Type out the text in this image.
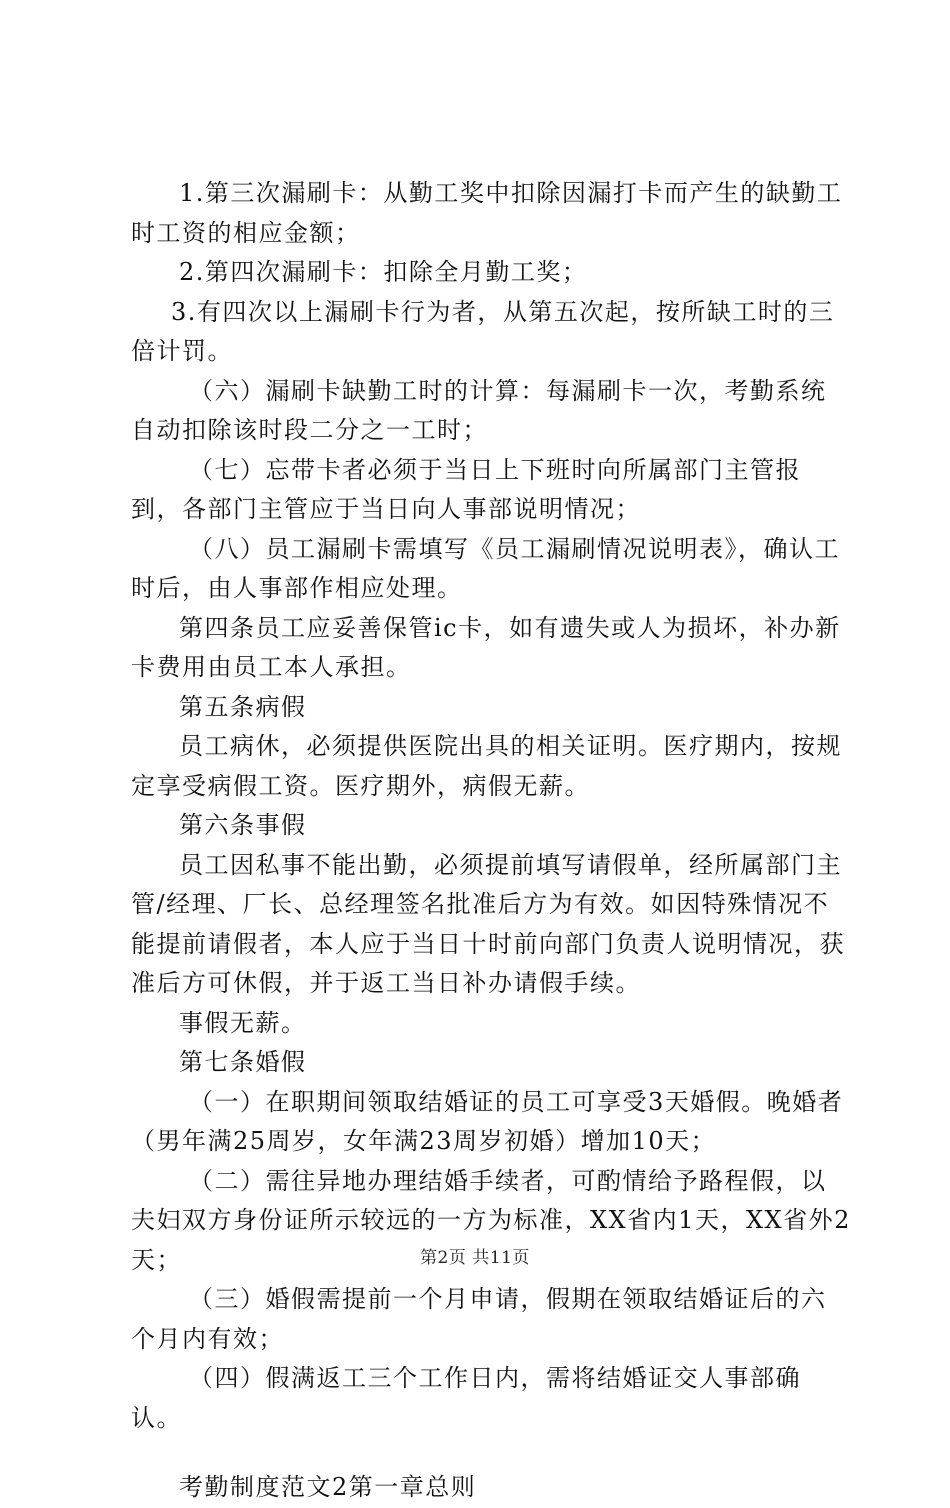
1.第三次漏刷卡：从勤工奖中扣除因漏打卡而产生的缺勤工时工资的相应金额；

2.第四次漏刷卡：扣除全月勤工奖；

3.有四次以上漏刷卡行为者，从第五次起，按所缺工时的三倍计罚。

（六）漏刷卡缺勤工时的计算：每漏刷卡一次，考勤系统自动扣除该时段二分之一工时；

（七）忘带卡者必须于当日上下班时向所属部门主管报到，各部门主管应于当日向人事部说明情况；

（八）员工漏刷卡需填写《员工漏刷情况说明表》，确认工时后，由人事部作相应处理。

第四条员工应妥善保管ic卡，如有遗失或人为损坏，补办新卡费用由员工本人承担。

第五条病假

员工病休，必须提供医院出具的相关证明。医疗期内，按规定享受病假工资。医疗期外，病假无薪。

第六条事假

员工因私事不能出勤，必须提前填写请假单，经所属部门主管/经理、厂长、总经理签名批准后方为有效。如因特殊情况不能提前请假者，本人应于当日十时前向部门负责人说明情况，获准后方可休假，并于返工当日补办请假手续。

事假无薪。

第七条婚假

（一）在职期间领取结婚证的员工可享受3天婚假。晚婚者（男年满25周岁，女年满23周岁初婚）增加10天；

（二）需往异地办理结婚手续者，可酌情给予路程假，以夫妇双方身份证所示较远的一方为标准，XX省内1天，XX省外2天；

（三）婚假需提前一个月申请，假期在领取结婚证后的六个月内有效；

（四）假满返工三个工作日内，需将结婚证交人事部确认。

考勤制度范文2第一章总则

第2页 共11页
